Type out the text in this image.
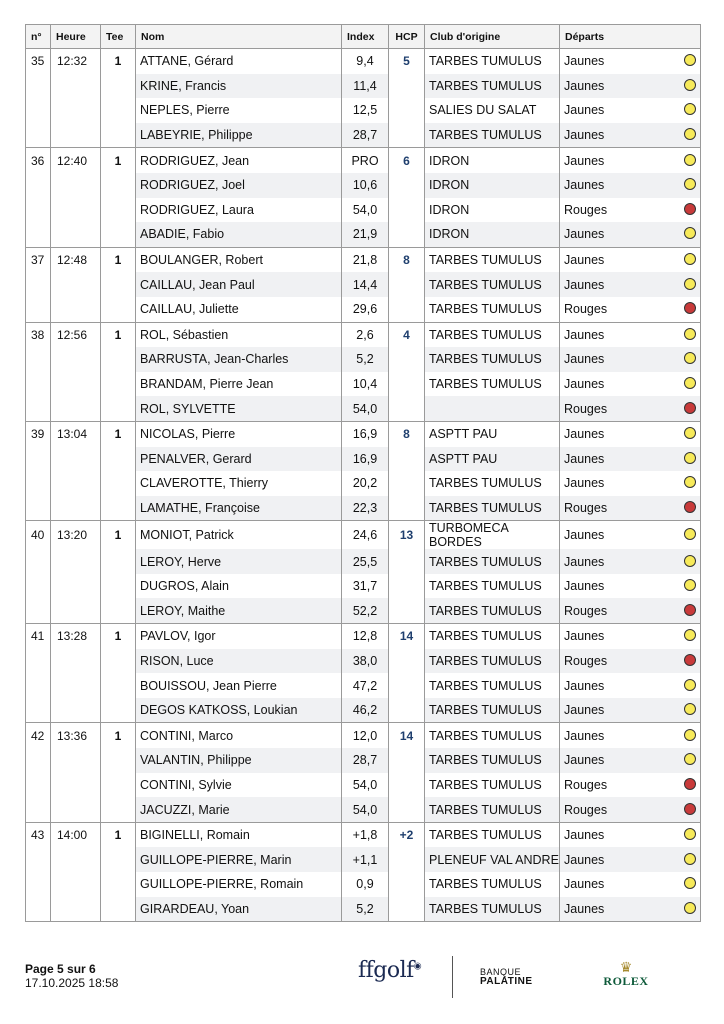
n°	Heure	Tee	Nom	Index	HCP	Club d'origine	Départs
35	12:32	1	ATTANE, Gérard	9,4	5	TARBES TUMULUS	Jaunes

			KRINE, Francis	11,4		TARBES TUMULUS	Jaunes

			NEPLES, Pierre	12,5		SALIES DU SALAT	Jaunes

			LABEYRIE, Philippe	28,7		TARBES TUMULUS	Jaunes

36	12:40	1	RODRIGUEZ, Jean	PRO	6	IDRON	Jaunes

			RODRIGUEZ, Joel	10,6		IDRON	Jaunes

			RODRIGUEZ, Laura	54,0		IDRON	Rouges

			ABADIE, Fabio	21,9		IDRON	Jaunes

37	12:48	1	BOULANGER, Robert	21,8	8	TARBES TUMULUS	Jaunes

			CAILLAU, Jean Paul	14,4		TARBES TUMULUS	Jaunes

			CAILLAU, Juliette	29,6		TARBES TUMULUS	Rouges

38	12:56	1	ROL, Sébastien	2,6	4	TARBES TUMULUS	Jaunes

			BARRUSTA, Jean-Charles	5,2		TARBES TUMULUS	Jaunes

			BRANDAM, Pierre Jean	10,4		TARBES TUMULUS	Jaunes

			ROL, SYLVETTE	54,0			Rouges

39	13:04	1	NICOLAS, Pierre	16,9	8	ASPTT PAU	Jaunes

			PENALVER, Gerard	16,9		ASPTT PAU	Jaunes

			CLAVEROTTE, Thierry	20,2		TARBES TUMULUS	Jaunes

			LAMATHE, Françoise	22,3		TARBES TUMULUS	Rouges

40	13:20	1	MONIOT, Patrick	24,6	13	TURBOMECA BORDES	Jaunes

			LEROY, Herve	25,5		TARBES TUMULUS	Jaunes

			DUGROS, Alain	31,7		TARBES TUMULUS	Jaunes

			LEROY, Maithe	52,2		TARBES TUMULUS	Rouges

41	13:28	1	PAVLOV, Igor	12,8	14	TARBES TUMULUS	Jaunes

			RISON, Luce	38,0		TARBES TUMULUS	Rouges

			BOUISSOU, Jean Pierre	47,2		TARBES TUMULUS	Jaunes

			DEGOS KATKOSS, Loukian	46,2		TARBES TUMULUS	Jaunes

42	13:36	1	CONTINI, Marco	12,0	14	TARBES TUMULUS	Jaunes

			VALANTIN, Philippe	28,7		TARBES TUMULUS	Jaunes

			CONTINI, Sylvie	54,0		TARBES TUMULUS	Rouges

			JACUZZI, Marie	54,0		TARBES TUMULUS	Rouges

43	14:00	1	BIGINELLI, Romain	+1,8	+2	TARBES TUMULUS	Jaunes

			GUILLOPE-PIERRE, Marin	+1,1		PLENEUF VAL ANDRE	Jaunes

			GUILLOPE-PIERRE, Romain	0,9		TARBES TUMULUS	Jaunes

			GIRARDEAU, Yoan	5,2		TARBES TUMULUS	Jaunes
Page 5 sur 6
17.10.2025 18:58	ffgolf◉
BANQUE
PALATINE
♛
ROLEX
